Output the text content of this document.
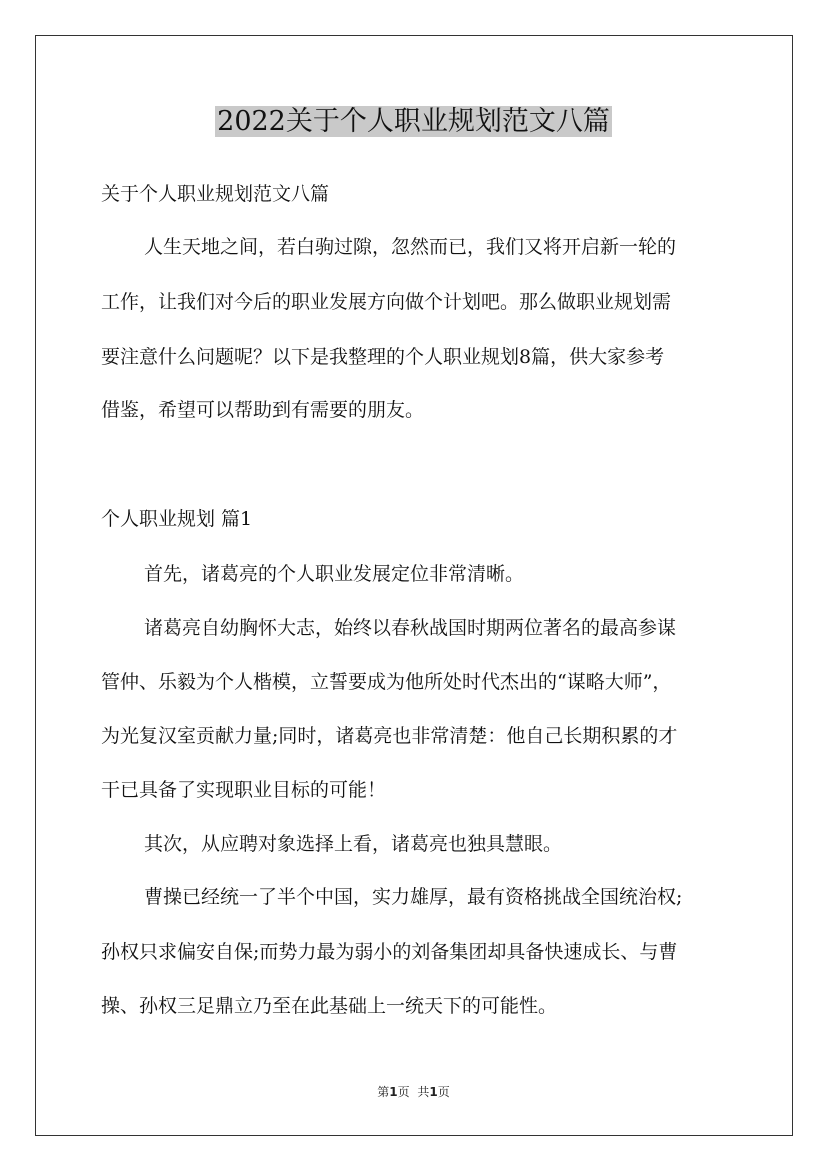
2022关于个人职业规划范文八篇

关于个人职业规划范文八篇

人生天地之间，若白驹过隙，忽然而已，我们又将开启新一轮的

工作，让我们对今后的职业发展方向做个计划吧。那么做职业规划需

要注意什么问题呢？以下是我整理的个人职业规划8篇，供大家参考

借鉴，希望可以帮助到有需要的朋友。

个人职业规划 篇1

首先，诸葛亮的个人职业发展定位非常清晰。

诸葛亮自幼胸怀大志，始终以春秋战国时期两位著名的最高参谋

管仲、乐毅为个人楷模，立誓要成为他所处时代杰出的“谋略大师”，

为光复汉室贡献力量;同时，诸葛亮也非常清楚：他自己长期积累的才

干已具备了实现职业目标的可能！

其次，从应聘对象选择上看，诸葛亮也独具慧眼。

曹操已经统一了半个中国，实力雄厚，最有资格挑战全国统治权;

孙权只求偏安自保;而势力最为弱小的刘备集团却具备快速成长、与曹

操、孙权三足鼎立乃至在此基础上一统天下的可能性。

第1页 共1页
